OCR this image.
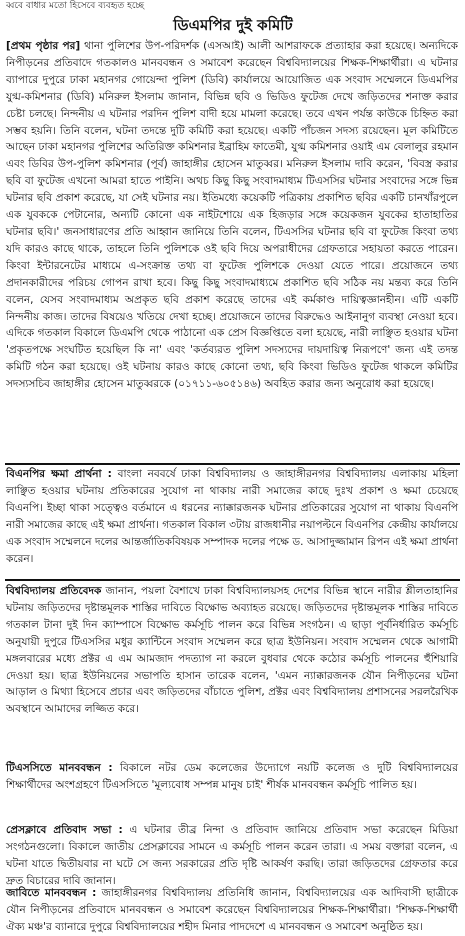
ব্ববে বাধার মতো হিসেবে ব্যবহৃত হচ্ছে
ডিএমপির দুই কমিটি

[প্রথম পৃষ্ঠার পর] থানা পুলিশের উপ-পরিদর্শক (এসআই) আলী আশরাফকে প্রত্যাহার করা হয়েছে। অন্যদিকে নিপীড়নের প্রতিবাদে গতকালও মানববন্ধন ও সমাবেশ করেছেন বিশ্ববিদ্যালয়ের শিক্ষক-শিক্ষার্থীরা। এ ঘটনার ব্যাপারে দুপুরে ঢাকা মহানগর গোয়েন্দা পুলিশ (ডিবি) কার্যালয়ে আয়োজিত এক সংবাদ সম্মেলনে ডিএমপির যুগ্ম-কমিশনার (ডিবি) মনিরুল ইসলাম জানান, বিভিন্ন ছবি ও ভিডিও ফুটেজ দেখে জড়িতদের শনাক্ত করার চেষ্টা চলছে। নিন্দনীয় এ ঘটনার পরদিন পুলিশ বাদী হয়ে মামলা করেছে। তবে এখন পর্যন্ত কাউকে চিহ্নিত করা সম্ভব হয়নি। তিনি বলেন, ঘটনা তদন্তে দুটি কমিটি করা হয়েছে। একটি পাঁচজন সদস্য রয়েছেন। মূল কমিটিতে আছেন ঢাকা মহানগর পুলিশের অতিরিক্ত কমিশনার ইব্রাহিম ফাতেমী, যুগ্ম কমিশনার ওয়াই এম বেলালুর রহমান এবং ডিবির উপ-পুলিশ কমিশনার (পূর্ব) জাহাঙ্গীর হোসেন মাতুব্বর। মনিরুল ইসলাম দাবি করেন, 'বিবস্ত্র করার ছবি বা ফুটেজ এখনো আমরা হাতে পাইনি। অথচ কিছু কিছু সংবাদমাধ্যম টিএসসির ঘটনার সংবাদের সঙ্গে ভিন্ন ঘটনার ছবি প্রকাশ করেছে, যা সেই ঘটনার নয়। ইতিমধ্যে কয়েকটি পত্রিকায় প্রকাশিত ছবির একটি চানখাঁরপুলে এক যুবককে পেটানোর, অন্যটি কোনো এক নাইটশোয়ে এক হিজড়ার সঙ্গে কয়েকজন যুবকের হাতাহাতির ঘটনার ছবি।' জনসাধারণের প্রতি আহ্বান জানিয়ে তিনি বলেন, টিএসসির ঘটনার ছবি বা ফুটেজ কিংবা তথ্য যদি কারও কাছে থাকে, তাহলে তিনি পুলিশকে ওই ছবি দিয়ে অপরাধীদের গ্রেফতারে সহায়তা করতে পারেন। কিংবা ইন্টারনেটের মাধ্যমে এ-সংক্রান্ত তথ্য বা ফুটেজ পুলিশকে দেওয়া যেতে পারে। প্রয়োজনে তথ্য প্রদানকারীদের পরিচয় গোপন রাখা হবে। কিছু কিছু সংবাদমাধ্যমে প্রকাশিত ছবি সঠিক নয় মন্তব্য করে তিনি বলেন, যেসব সংবাদমাধ্যম অপ্রকৃত ছবি প্রকাশ করেছে তাদের এই কর্মকাণ্ড দায়িত্বজ্ঞানহীন। এটি একটি নিন্দনীয় কাজ। তাদের বিষয়েও খতিয়ে দেখা হচ্ছে। প্রয়োজনে তাদের বিরুদ্ধেও আইনানুগ ব্যবস্থা নেওয়া হবে। এদিকে গতকাল বিকালে ডিএমপি থেকে পাঠানো এক প্রেস বিজ্ঞপ্তিতে বলা হয়েছে, নারী লাঞ্ছিত হওয়ার ঘটনা 'প্রকৃতপক্ষে সংঘটিত হয়েছিল কি না' এবং 'কর্তব্যরত পুলিশ সদস্যদের দায়দায়িত্ব নিরূপণে' জন্য এই তদন্ত কমিটি গঠন করা হয়েছে। ওই ঘটনায় কারও কাছে কোনো তথ্য, ছবি কিংবা ভিডিও ফুটেজ থাকলে কমিটির সদস্যসচিব জাহাঙ্গীর হোসেন মাতুব্বরকে (০১৭১১-৬০৫১৪৬) অবহিত করার জন্য অনুরোধ করা হয়েছে।

বিএনপির ক্ষমা প্রার্থনা : বাংলা নববর্ষে ঢাকা বিশ্ববিদ্যালয় ও জাহাঙ্গীরনগর বিশ্ববিদ্যালয় এলাকায় মহিলা লাঞ্ছিত হওয়ার ঘটনায় প্রতিকারের সুযোগ না থাকায় নারী সমাজের কাছে দুঃখ প্রকাশ ও ক্ষমা চেয়েছে বিএনপি। ইচ্ছা থাকা সত্ত্বেও বর্তমানে এ ধরনের ন্যাক্কারজনক ঘটনার প্রতিকারের সুযোগ না থাকায় বিএনপি নারী সমাজের কাছে এই ক্ষমা প্রার্থনা। গতকাল বিকাল ৩টায় রাজধানীর নয়াপল্টনে বিএনপির কেন্দ্রীয় কার্যালয়ে এক সংবাদ সম্মেলনে দলের আন্তর্জাতিকবিষয়ক সম্পাদক দলের পক্ষে ড. আসাদুজ্জামান রিপন এই ক্ষমা প্রার্থনা করেন।

বিশ্ববিদ্যালয় প্রতিবেদক জানান, পয়লা বৈশাখে ঢাকা বিশ্ববিদ্যালয়সহ দেশের বিভিন্ন স্থানে নারীর শ্লীলতাহানির ঘটনায় জড়িতদের দৃষ্টান্তমূলক শাস্তির দাবিতে বিক্ষোভ অব্যাহত রয়েছে। জড়িতদের দৃষ্টান্তমূলক শাস্তির দাবিতে গতকাল টানা দুই দিন ক্যাম্পাসে বিক্ষোভ কর্মসূচি পালন করে বিভিন্ন সংগঠন। এ ছাড়া পূর্বনির্ধারিত কর্মসূচি অনুযায়ী দুপুরে টিএসসির মধুর ক্যান্টিনে সংবাদ সম্মেলন করে ছাত্র ইউনিয়ন। সংবাদ সম্মেলন থেকে আগামী মঙ্গলবারের মধ্যে প্রক্টর এ এম আমজাদ পদত্যাগ না করলে বুধবার থেকে কঠোর কর্মসূচি পালনের হুঁশিয়ারি দেওয়া হয়। ছাত্র ইউনিয়নের সভাপতি হাসান তারেক বলেন, 'এমন ন্যাক্কারজনক যৌন নিপীড়নের ঘটনা আড়াল ও মিথ্যা হিসেবে প্রচার এবং জড়িতদের বাঁচাতে পুলিশ, প্রক্টর এবং বিশ্ববিদ্যালয় প্রশাসনের সরলরৈখিক অবস্থানে আমাদের লজ্জিত করে।

টিএসসিতে মানববন্ধন : বিকালে নটর ডেম কলেজের উদ্যোগে নয়টি কলেজ ও দুটি বিশ্ববিদ্যালয়ের শিক্ষার্থীদের অংশগ্রহণে টিএসসিতে 'মূল্যবোধ সম্পন্ন মানুষ চাই' শীর্ষক মানববন্ধন কর্মসূচি পালিত হয়।

প্রেসক্লাবে প্রতিবাদ সভা : এ ঘটনার তীব্র নিন্দা ও প্রতিবাদ জানিয়ে প্রতিবাদ সভা করেছেন মিডিয়া সংগঠনগুলো। বিকালে জাতীয় প্রেসক্লাবের সামনে এ কর্মসূচি পালন করেন তারা। এ সময় বক্তারা বলেন, এ ঘটনা যাতে দ্বিতীয়বার না ঘটে সে জন্য সরকারের প্রতি দৃষ্টি আকর্ষণ করছি। তারা জড়িতদের গ্রেফতার করে দ্রুত বিচারের দাবি জানান।

জাবিতে মানববন্ধন : জাহাঙ্গীরনগর বিশ্ববিদ্যালয় প্রতিনিধি জানান, বিশ্ববিদ্যালয়ের এক আদিবাসী ছাত্রীকে যৌন নিপীড়নের প্রতিবাদে মানববন্ধন ও সমাবেশ করেছেন বিশ্ববিদ্যালয়ের শিক্ষক-শিক্ষার্থীরা। 'শিক্ষক-শিক্ষার্থী ঐক্য মঞ্চ'র ব্যানারে দুপুরে বিশ্ববিদ্যালয়ের শহীদ মিনার পাদদেশে এ মানববন্ধন ও সমাবেশ অনুষ্ঠিত হয়।
